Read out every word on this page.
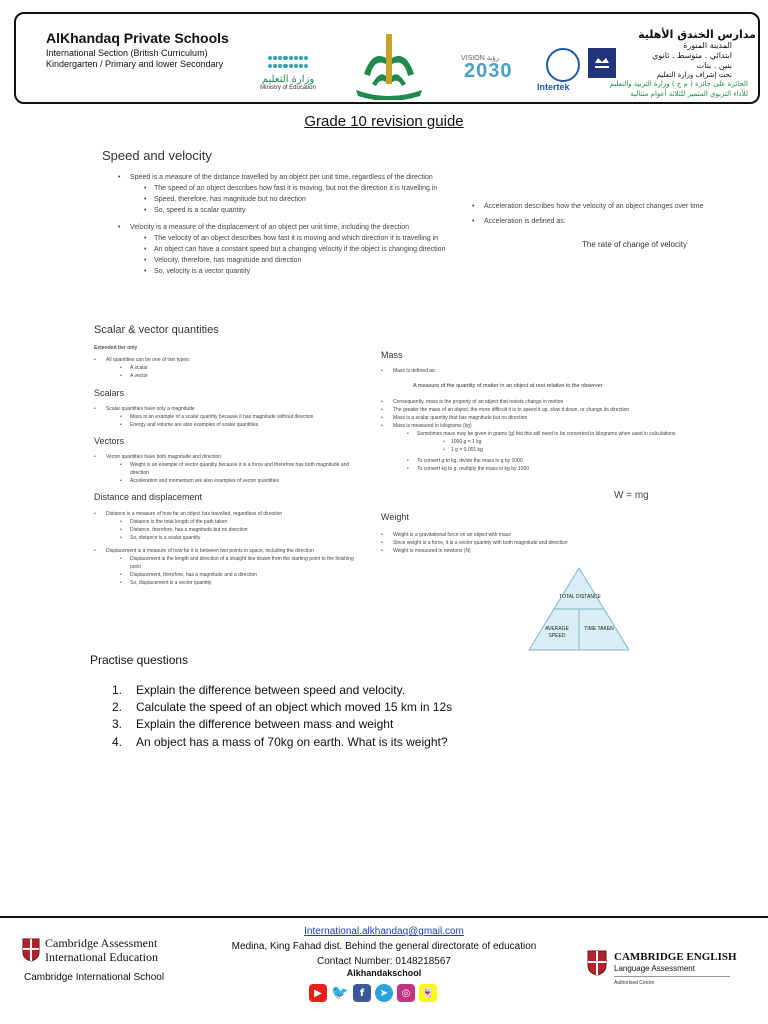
AlKhandaq Private Schools
International Section (British Curriculum)
Kindergarten / Primary and lower Secondary
وزارة التعليم
Ministry of Education
VISION رؤية
2030
Intertek
مدارس الخندق الأهلية
المدينة المنورة
ابتدائي . متوسط . ثانوي
بنين . بنات
تحت إشراف وزارة التعليم
الحائزة على جائزة ( م ج ) وزارة التربية والتعليم
للأداء التربوي المتميز للثلاثة أعوام متتالية
Grade 10 revision guide
Speed and velocity
• Speed is a measure of the distance travelled by an object per unit time, regardless of the direction
• The speed of an object describes how fast it is moving, but not the direction it is travelling in
• Speed, therefore, has magnitude but no direction
• So, speed is a scalar quantity
• Velocity is a measure of the displacement of an object per unit time, including the direction
• The velocity of an object describes how fast it is moving and which direction it is travelling in
• An object can have a constant speed but a changing velocity if the object is changing direction
• Velocity, therefore, has magnitude and direction
• So, velocity is a vector quantity
• Acceleration describes how the velocity of an object changes over time
• Acceleration is defined as:
The rate of change of velocity
Scalar & vector quantities
Extended tier only
• All quantities can be one of two types:
• A scalar
• A vector
Scalars
• Scalar quantities have only a magnitude
• Mass is an example of a scalar quantity because it has magnitude without direction
• Energy and volume are also examples of scalar quantities
Vectors
• Vector quantities have both magnitude and direction
• Weight is an example of vector quantity because it is a force and therefore has both magnitude and direction
• Acceleration and momentum are also examples of vector quantities
Distance and displacement
• Distance is a measure of how far an object has travelled, regardless of direction
• Distance is the total length of the path taken
• Distance, therefore, has a magnitude but no direction
• So, distance is a scalar quantity
• Displacement is a measure of how far it is between two points in space, including the direction
• Displacement is the length and direction of a straight line drawn from the starting point to the finishing point
• Displacement, therefore, has a magnitude and a direction
• So, displacement is a vector quantity
Mass
• Mass is defined as:
A measure of the quantity of matter in an object at rest relative to the observer
• Consequently, mass is the property of an object that resists change in motion
• The greater the mass of an object, the more difficult it is to speed it up, slow it down, or change its direction
• Mass is a scalar quantity that has magnitude but no direction
• Mass is measured in kilograms (kg)
• Sometimes mass may be given in grams (g) but this will need to be converted to kilograms when used in calculations
• 1000 g = 1 kg
• 1 g = 0.001 kg
• To convert g to kg, divide the mass in g by 1000
• To convert kg to g, multiply the mass in kg by 1000
W = mg
Weight
• Weight is a gravitational force on an object with mass
• Since weight is a force, it is a vector quantity with both magnitude and direction
• Weight is measured in newtons (N)
TOTAL DISTANCE
AVERAGE SPEED
TIME TAKEN
Practise questions
1.	Explain the difference between speed and velocity.
2.	Calculate the speed of an object which moved 15 km in 12s
3.	Explain the difference between mass and weight
4.	An object has a mass of 70kg on earth. What is its weight?
Cambridge Assessment
International Education
Cambridge International School
International.alkhandaq@gmail.com
Medina, King Fahad dist. Behind the general directorate of education
Contact Number: 0148218567
Alkhandakschool
▶ 🐦	f	➤	◎	👻
CAMBRIDGE ENGLISH
Language Assessment
Authorised Centre
